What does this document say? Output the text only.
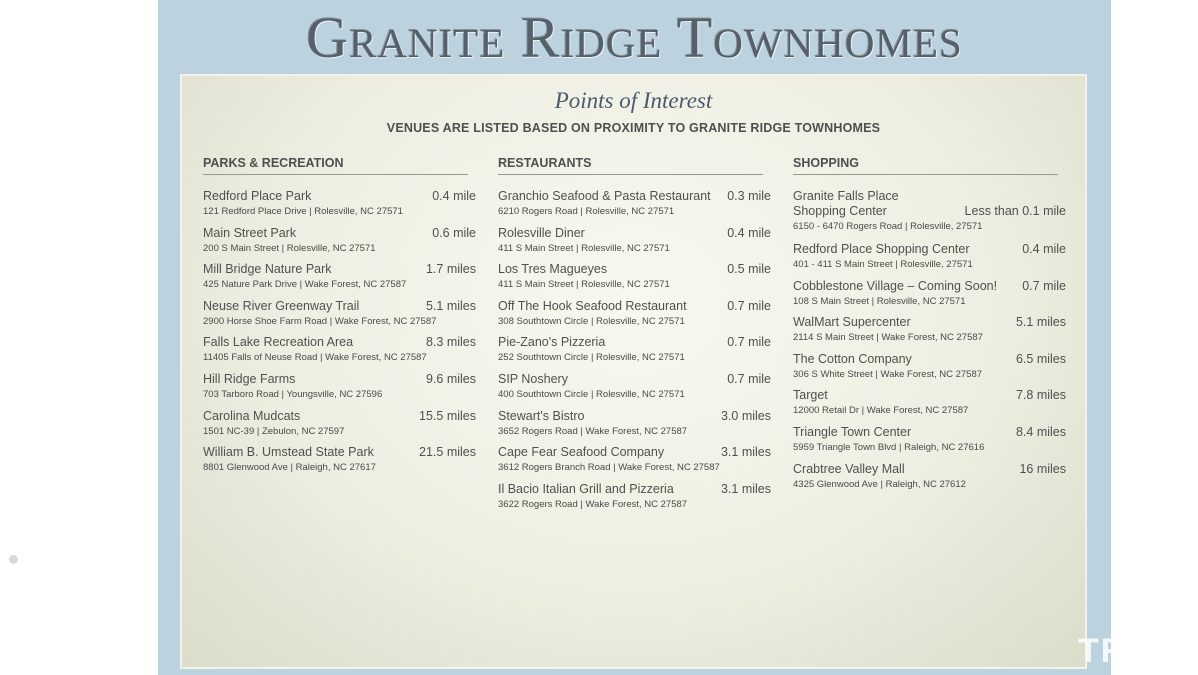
Granite Ridge Townhomes
Points of Interest
VENUES ARE LISTED BASED ON PROXIMITY TO GRANITE RIDGE TOWNHOMES
PARKS & RECREATION
Redford Place Park	0.4 mile
121 Redford Place Drive | Rolesville, NC 27571
Main Street Park	0.6 mile
200 S Main Street | Rolesville, NC 27571
Mill Bridge Nature Park	1.7 miles
425 Nature Park Drive | Wake Forest, NC 27587
Neuse River Greenway Trail	5.1 miles
2900 Horse Shoe Farm Road | Wake Forest, NC 27587
Falls Lake Recreation Area	8.3 miles
11405 Falls of Neuse Road | Wake Forest, NC 27587
Hill Ridge Farms	9.6 miles
703 Tarboro Road | Youngsville, NC 27596
Carolina Mudcats	15.5 miles
1501 NC-39 | Zebulon, NC 27597
William B. Umstead State Park	21.5 miles
8801 Glenwood Ave | Raleigh, NC 27617
RESTAURANTS
Granchio Seafood & Pasta Restaurant	0.3 mile
6210 Rogers Road | Rolesville, NC 27571
Rolesville Diner	0.4 mile
411 S Main Street | Rolesville, NC 27571
Los Tres Magueyes	0.5 mile
411 S Main Street | Rolesville, NC 27571
Off The Hook Seafood Restaurant	0.7 mile
308 Southtown Circle | Rolesville, NC 27571
Pie-Zano's Pizzeria	0.7 mile
252 Southtown Circle | Rolesville, NC 27571
SIP Noshery	0.7 mile
400 Southtown Circle | Rolesville, NC 27571
Stewart's Bistro	3.0 miles
3652 Rogers Road | Wake Forest, NC 27587
Cape Fear Seafood Company	3.1 miles
3612 Rogers Branch Road | Wake Forest, NC 27587
Il Bacio Italian Grill and Pizzeria	3.1 miles
3622 Rogers Road | Wake Forest, NC 27587
SHOPPING
Granite Falls Place
Shopping Center	Less than 0.1 mile
6150 - 6470 Rogers Road | Rolesville, 27571
Redford Place Shopping Center	0.4 mile
401 - 411 S Main Street | Rolesville, 27571
Cobblestone Village – Coming Soon!	0.7 mile
108 S Main Street | Rolesville, NC 27571
WalMart Supercenter	5.1 miles
2114 S Main Street | Wake Forest, NC 27587
The Cotton Company	6.5 miles
306 S White Street | Wake Forest, NC 27587
Target	7.8 miles
12000 Retail Dr | Wake Forest, NC 27587
Triangle Town Center	8.4 miles
5959 Triangle Town Blvd | Raleigh, NC 27616
Crabtree Valley Mall	16 miles
4325 Glenwood Ave | Raleigh, NC 27612
TR
